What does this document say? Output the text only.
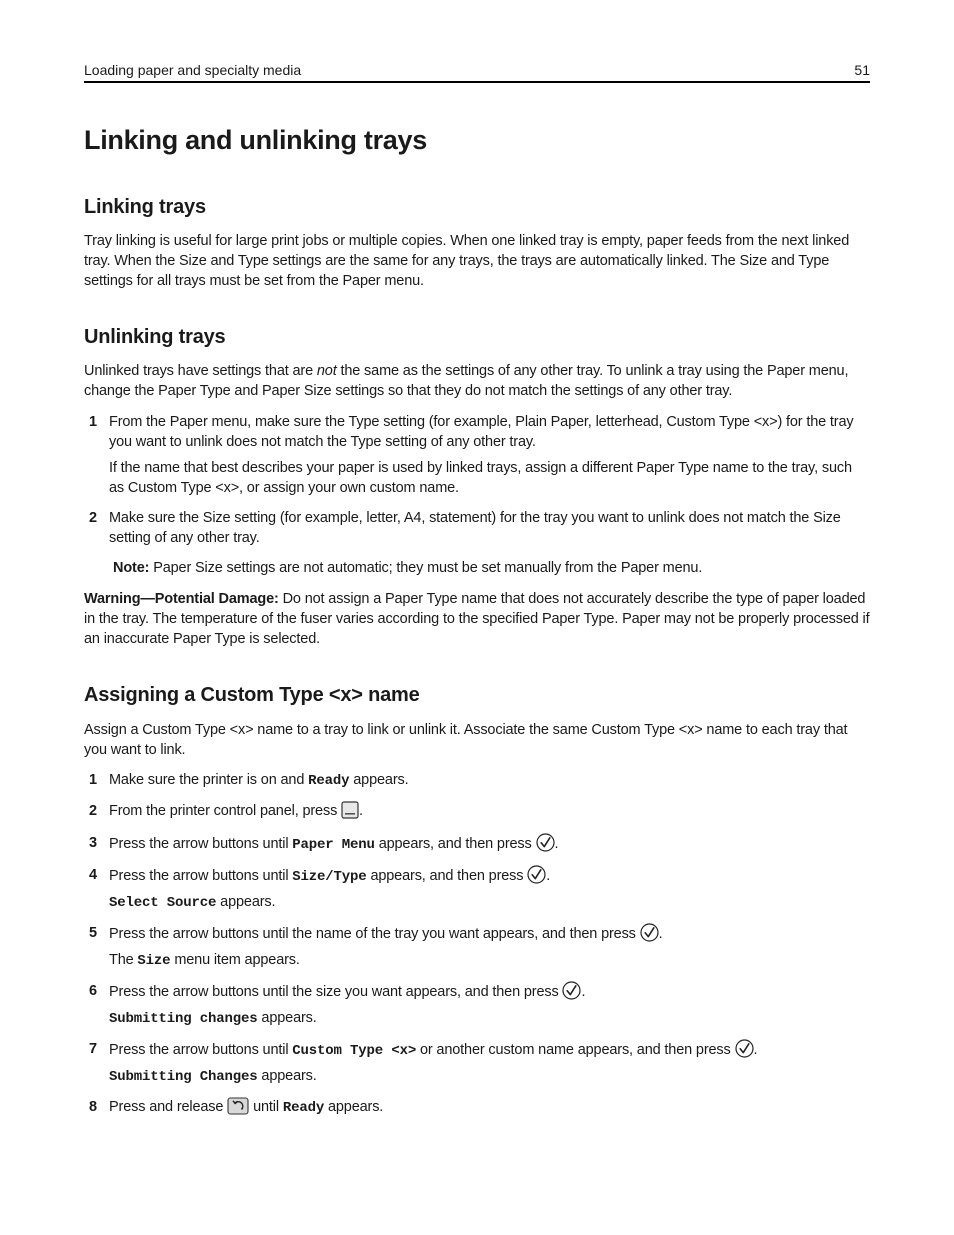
Loading paper and specialty media	51
Linking and unlinking trays
Linking trays

Tray linking is useful for large print jobs or multiple copies. When one linked tray is empty, paper feeds from the next linked tray. When the Size and Type settings are the same for any trays, the trays are automatically linked. The Size and Type settings for all trays must be set from the Paper menu.

Unlinking trays

Unlinked trays have settings that are not the same as the settings of any other tray. To unlink a tray using the Paper menu, change the Paper Type and Paper Size settings so that they do not match the settings of any other tray.

1 From the Paper menu, make sure the Type setting (for example, Plain Paper, letterhead, Custom Type <x>) for the tray you want to unlink does not match the Type setting of any other tray.
If the name that best describes your paper is used by linked trays, assign a different Paper Type name to the tray, such as Custom Type <x>, or assign your own custom name.
2 Make sure the Size setting (for example, letter, A4, statement) for the tray you want to unlink does not match the Size setting of any other tray.

Note: Paper Size settings are not automatic; they must be set manually from the Paper menu.

Warning—Potential Damage: Do not assign a Paper Type name that does not accurately describe the type of paper loaded in the tray. The temperature of the fuser varies according to the specified Paper Type. Paper may not be properly processed if an inaccurate Paper Type is selected.

Assigning a Custom Type <x> name

Assign a Custom Type <x> name to a tray to link or unlink it. Associate the same Custom Type <x> name to each tray that you want to link.

1 Make sure the printer is on and Ready appears.
2 From the printer control panel, press .
3 Press the arrow buttons until Paper Menu appears, and then press .
4 Press the arrow buttons until Size/Type appears, and then press .
Select Source appears.
5 Press the arrow buttons until the name of the tray you want appears, and then press .
The Size menu item appears.
6 Press the arrow buttons until the size you want appears, and then press .
Submitting changes appears.
7 Press the arrow buttons until Custom Type <x> or another custom name appears, and then press .
Submitting Changes appears.
8 Press and release  until Ready appears.
